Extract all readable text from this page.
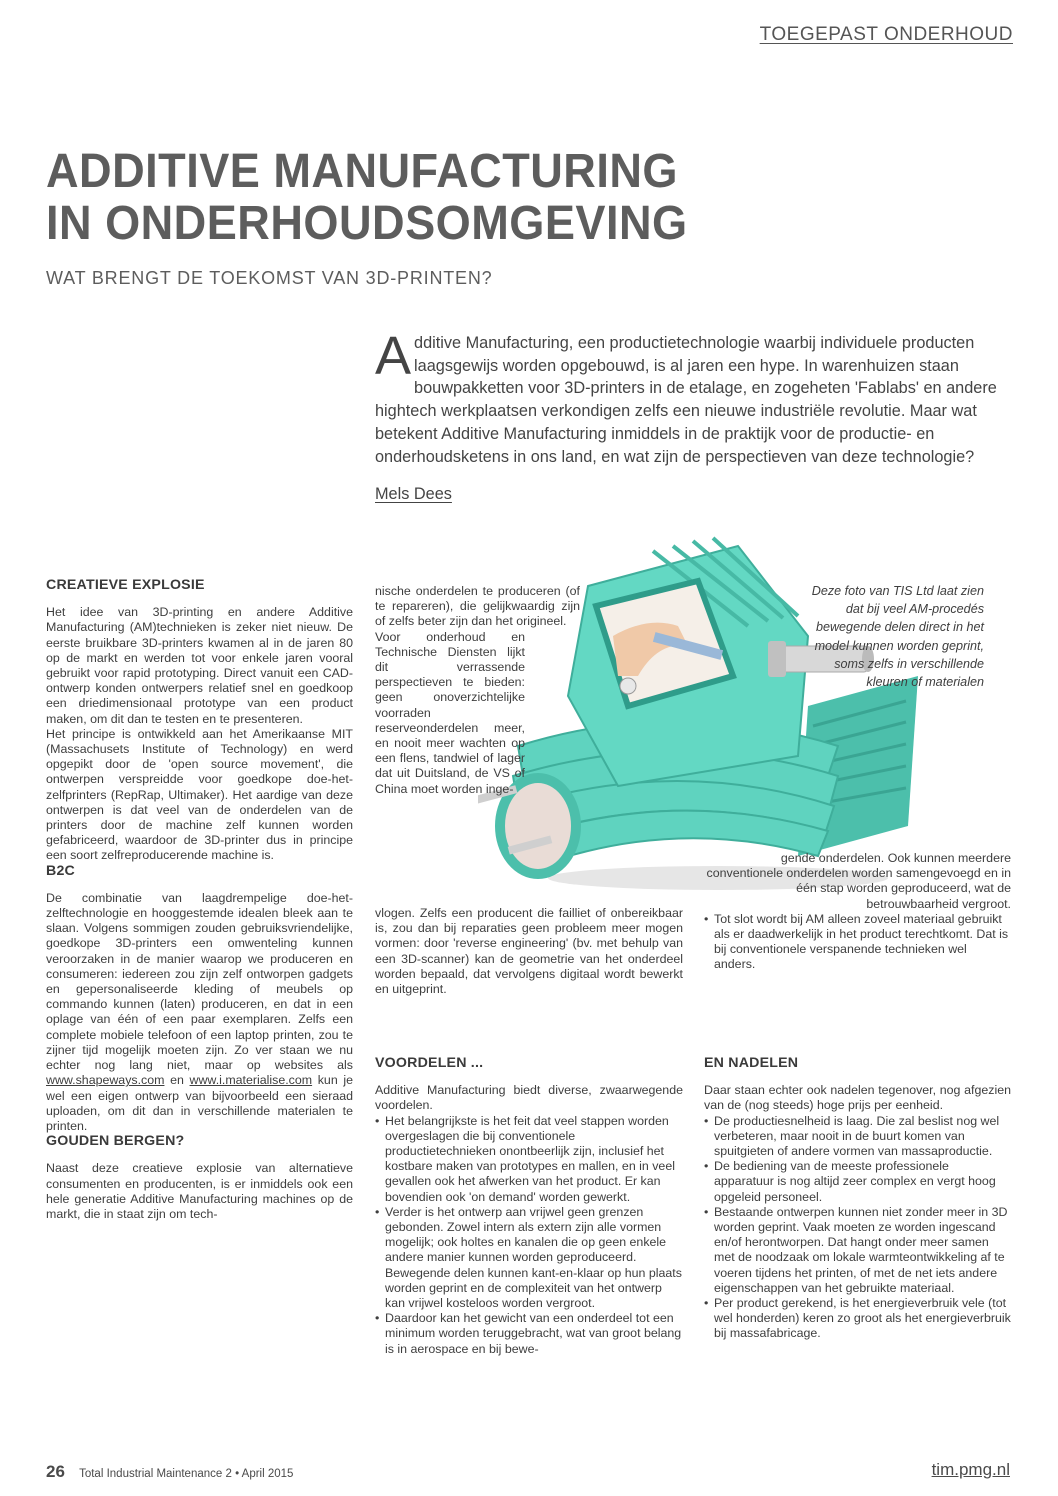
TOEGEPAST ONDERHOUD
ADDITIVE MANUFACTURING
IN ONDERHOUDSOMGEVING
WAT BRENGT DE TOEKOMST VAN 3D-PRINTEN?

Additive Manufacturing, een productietechnologie waarbij individuele producten laagsgewijs worden opgebouwd, is al jaren een hype. In warenhuizen staan bouwpakketten voor 3D-printers in de etalage, en zogeheten 'Fablabs' en andere hightech werkplaatsen verkondigen zelfs een nieuwe industriële revolutie. Maar wat betekent Additive Manufacturing inmiddels in de praktijk voor de productie- en onderhoudsketens in ons land, en wat zijn de perspectieven van deze technologie?

Mels Dees
Deze foto van TIS Ltd laat zien dat bij veel AM-procedés bewegende delen direct in het model kunnen worden geprint, soms zelfs in verschillende kleuren of materialen
CREATIEVE EXPLOSIE

Het idee van 3D-printing en andere Additive Manufacturing (AM)technieken is zeker niet nieuw. De eerste bruikbare 3D-printers kwamen al in de jaren 80 op de markt en werden tot voor enkele jaren vooral gebruikt voor rapid prototyping. Direct vanuit een CAD-ontwerp konden ontwerpers relatief snel en goedkoop een driedimensionaal prototype van een product maken, om dit dan te testen en te presenteren.

Het principe is ontwikkeld aan het Amerikaanse MIT (Massachusets Institute of Technology) en werd opgepikt door de 'open source movement', die ontwerpen verspreidde voor goedkope doe-het-zelfprinters (RepRap, Ultimaker). Het aardige van deze ontwerpen is dat veel van de onderdelen van de printers door de machine zelf kunnen worden gefabriceerd, waardoor de 3D-printer dus in principe een soort zelfreproducerende machine is.

B2C

De combinatie van laagdrempelige doe-het-zelftechnologie en hooggestemde idealen bleek aan te slaan. Volgens sommigen zouden gebruiksvriendelijke, goedkope 3D-printers een omwenteling kunnen veroorzaken in de manier waarop we produceren en consumeren: iedereen zou zijn zelf ontworpen gadgets en gepersonaliseerde kleding of meubels op commando kunnen (laten) produceren, en dat in een oplage van één of een paar exemplaren. Zelfs een complete mobiele telefoon of een laptop printen, zou te zijner tijd mogelijk moeten zijn. Zo ver staan we nu echter nog lang niet, maar op websites als www.shapeways.com en www.i.materialise.com kun je wel een eigen ontwerp van bijvoorbeeld een sieraad uploaden, om dit dan in verschillende materialen te printen.

GOUDEN BERGEN?

Naast deze creatieve explosie van alternatieve consumenten en producenten, is er inmiddels ook een hele generatie Additive Manufacturing machines op de markt, die in staat zijn om tech-

nische onderdelen te produceren (of te repareren), die gelijkwaardig zijn of zelfs beter zijn dan het origineel.

Voor onderhoud en Technische Diensten lijkt dit verrassende perspectieven te bieden: geen onoverzichtelijke voorraden reserveonderdelen meer, en nooit meer wachten op een flens, tandwiel of lager dat uit Duitsland, de VS of China moet worden inge-

vlogen. Zelfs een producent die failliet of onbereikbaar is, zou dan bij reparaties geen probleem meer mogen vormen: door 'reverse engineering' (bv. met behulp van een 3D-scanner) kan de geometrie van het onderdeel worden bepaald, dat vervolgens digitaal wordt bewerkt en uitgeprint.

VOORDELEN ...

Additive Manufacturing biedt diverse, zwaarwegende voordelen.

• Het belangrijkste is het feit dat veel stappen worden overgeslagen die bij conventionele productietechnieken onontbeerlijk zijn, inclusief het kostbare maken van prototypes en mallen, en in veel gevallen ook het afwerken van het product. Er kan bovendien ook 'on demand' worden gewerkt.
• Verder is het ontwerp aan vrijwel geen grenzen gebonden. Zowel intern als extern zijn alle vormen mogelijk; ook holtes en kanalen die op geen enkele andere manier kunnen worden geproduceerd. Bewegende delen kunnen kant-en-klaar op hun plaats worden geprint en de complexiteit van het ontwerp kan vrijwel kosteloos worden vergroot.
• Daardoor kan het gewicht van een onderdeel tot een minimum worden teruggebracht, wat van groot belang is in aerospace en bij bewe-

gende onderdelen. Ook kunnen meerdere conventionele onderdelen worden samengevoegd en in één stap worden geproduceerd, wat de betrouwbaarheid vergroot.

• Tot slot wordt bij AM alleen zoveel materiaal gebruikt als er daadwerkelijk in het product terechtkomt. Dat is bij conventionele verspanende technieken wel anders.
EN NADELEN

Daar staan echter ook nadelen tegenover, nog afgezien van de (nog steeds) hoge prijs per eenheid.

• De productiesnelheid is laag. Die zal beslist nog wel verbeteren, maar nooit in de buurt komen van spuitgieten of andere vormen van massaproductie.
• De bediening van de meeste professionele apparatuur is nog altijd zeer complex en vergt hoog opgeleid personeel.
• Bestaande ontwerpen kunnen niet zonder meer in 3D worden geprint. Vaak moeten ze worden ingescand en/of herontworpen. Dat hangt onder meer samen met de noodzaak om lokale warmteontwikkeling af te voeren tijdens het printen, of met de net iets andere eigenschappen van het gebruikte materiaal.
• Per product gerekend, is het energieverbruik vele (tot wel honderden) keren zo groot als het energieverbruik bij massafabricage.
26 Total Industrial Maintenance 2 • April 2015	tim.pmg.nl
